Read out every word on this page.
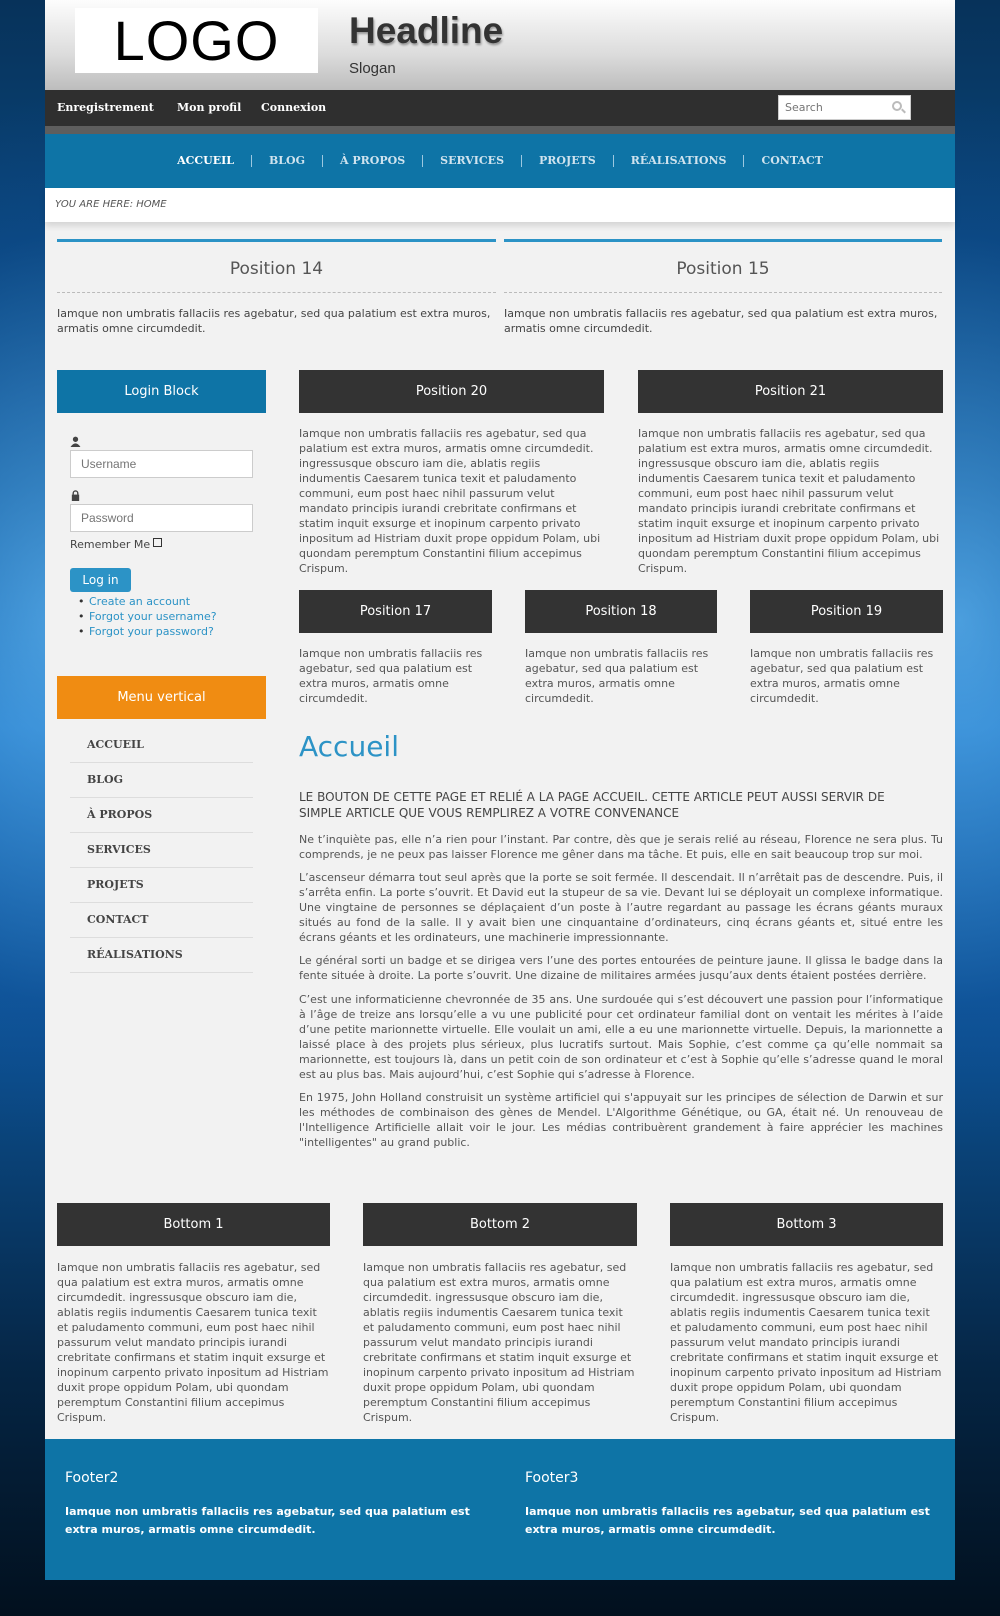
LOGO Headline
Slogan
Enregistrement Mon profil Connexion
Search
ACCUEIL	BLOG	À PROPOS	SERVICES	PROJETS	RÉALISATIONS	CONTACT
YOU ARE HERE: HOME
Position 14

Iamque non umbratis fallaciis res agebatur, sed qua palatium est extra muros, armatis omne circumdedit.

Position 15

Iamque non umbratis fallaciis res agebatur, sed qua palatium est extra muros, armatis omne circumdedit.

Login Block
Username
Password
Remember Me
Log in
• Create an account
• Forgot your username?
• Forgot your password?
Menu vertical
ACCUEIL
BLOG
À PROPOS
SERVICES
PROJETS
CONTACT
RÉALISATIONS
Position 20
Iamque non umbratis fallaciis res agebatur, sed qua palatium est extra muros, armatis omne circumdedit. ingressusque obscuro iam die, ablatis regiis indumentis Caesarem tunica texit et paludamento communi, eum post haec nihil passurum velut mandato principis iurandi crebritate confirmans et statim inquit exsurge et inopinum carpento privato inpositum ad Histriam duxit prope oppidum Polam, ubi quondam peremptum Constantini filium accepimus Crispum.
Position 21
Iamque non umbratis fallaciis res agebatur, sed qua palatium est extra muros, armatis omne circumdedit. ingressusque obscuro iam die, ablatis regiis indumentis Caesarem tunica texit et paludamento communi, eum post haec nihil passurum velut mandato principis iurandi crebritate confirmans et statim inquit exsurge et inopinum carpento privato inpositum ad Histriam duxit prope oppidum Polam, ubi quondam peremptum Constantini filium accepimus Crispum.
Position 17
Iamque non umbratis fallaciis res agebatur, sed qua palatium est extra muros, armatis omne circumdedit.
Position 18
Iamque non umbratis fallaciis res agebatur, sed qua palatium est extra muros, armatis omne circumdedit.
Position 19
Iamque non umbratis fallaciis res agebatur, sed qua palatium est extra muros, armatis omne circumdedit.
Accueil
LE BOUTON DE CETTE PAGE ET RELIÉ A LA PAGE ACCUEIL. CETTE ARTICLE PEUT AUSSI SERVIR DE SIMPLE ARTICLE QUE VOUS REMPLIREZ A VOTRE CONVENANCE

Ne t’inquiète pas, elle n’a rien pour l’instant. Par contre, dès que je serais relié au réseau, Florence ne sera plus. Tu comprends, je ne peux pas laisser Florence me gêner dans ma tâche. Et puis, elle en sait beaucoup trop sur moi.

L’ascenseur démarra tout seul après que la porte se soit fermée. Il descendait. Il n’arrêtait pas de descendre. Puis, il s’arrêta enfin. La porte s’ouvrit. Et David eut la stupeur de sa vie. Devant lui se déployait un complexe informatique. Une vingtaine de personnes se déplaçaient d’un poste à l’autre regardant au passage les écrans géants muraux situés au fond de la salle. Il y avait bien une cinquantaine d’ordinateurs, cinq écrans géants et, situé entre les écrans géants et les ordinateurs, une machinerie impressionnante.

Le général sorti un badge et se dirigea vers l’une des portes entourées de peinture jaune. Il glissa le badge dans la fente située à droite. La porte s’ouvrit. Une dizaine de militaires armées jusqu’aux dents étaient postées derrière.

C’est une informaticienne chevronnée de 35 ans. Une surdouée qui s’est découvert une passion pour l’informatique à l’âge de treize ans lorsqu’elle a vu une publicité pour cet ordinateur familial dont on ventait les mérites à l’aide d’une petite marionnette virtuelle. Elle voulait un ami, elle a eu une marionnette virtuelle. Depuis, la marionnette a laissé place à des projets plus sérieux, plus lucratifs surtout. Mais Sophie, c’est comme ça qu’elle nommait sa marionnette, est toujours là, dans un petit coin de son ordinateur et c’est à Sophie qu’elle s’adresse quand le moral est au plus bas. Mais aujourd’hui, c’est Sophie qui s’adresse à Florence.

En 1975, John Holland construisit un système artificiel qui s'appuyait sur les principes de sélection de Darwin et sur les méthodes de combinaison des gènes de Mendel. L'Algorithme Génétique, ou GA, était né. Un renouveau de l'Intelligence Artificielle allait voir le jour. Les médias contribuèrent grandement à faire apprécier les machines "intelligentes" au grand public.

Bottom 1
Iamque non umbratis fallaciis res agebatur, sed qua palatium est extra muros, armatis omne circumdedit. ingressusque obscuro iam die, ablatis regiis indumentis Caesarem tunica texit et paludamento communi, eum post haec nihil passurum velut mandato principis iurandi crebritate confirmans et statim inquit exsurge et inopinum carpento privato inpositum ad Histriam duxit prope oppidum Polam, ubi quondam peremptum Constantini filium accepimus Crispum.
Bottom 2
Iamque non umbratis fallaciis res agebatur, sed qua palatium est extra muros, armatis omne circumdedit. ingressusque obscuro iam die, ablatis regiis indumentis Caesarem tunica texit et paludamento communi, eum post haec nihil passurum velut mandato principis iurandi crebritate confirmans et statim inquit exsurge et inopinum carpento privato inpositum ad Histriam duxit prope oppidum Polam, ubi quondam peremptum Constantini filium accepimus Crispum.
Bottom 3
Iamque non umbratis fallaciis res agebatur, sed qua palatium est extra muros, armatis omne circumdedit. ingressusque obscuro iam die, ablatis regiis indumentis Caesarem tunica texit et paludamento communi, eum post haec nihil passurum velut mandato principis iurandi crebritate confirmans et statim inquit exsurge et inopinum carpento privato inpositum ad Histriam duxit prope oppidum Polam, ubi quondam peremptum Constantini filium accepimus Crispum.
Footer2

Iamque non umbratis fallaciis res agebatur, sed qua palatium est extra muros, armatis omne circumdedit.

Footer3

Iamque non umbratis fallaciis res agebatur, sed qua palatium est extra muros, armatis omne circumdedit.
